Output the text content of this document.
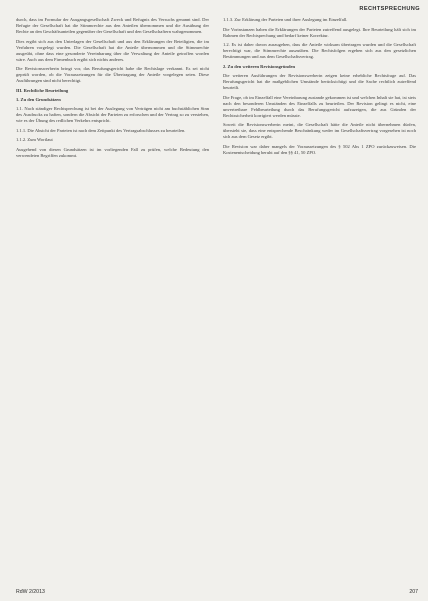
RECHTSPRECHUNG

durch, dass im Formular der Ausgangsgesellschaft Zweck und Befugnis des Versuchs genannt sind. Der Befugte der Gesellschaft hat die Stimmrechte aus den Anteilen übernommen und die Ausübung der Rechte an den Geschäftsanteilen gegenüber der Gesellschaft und den Gesellschaftern wahrgenommen.

Dies ergibt sich aus den Unterlagen der Gesellschaft und aus den Erklärungen der Beteiligten, die im Verfahren vorgelegt wurden. Die Gesellschaft hat die Anteile übernommen und die Stimmrechte ausgeübt, ohne dass eine gesonderte Vereinbarung über die Verwaltung der Anteile getroffen worden wäre. Auch aus dem Firmenbuch ergibt sich nichts anderes.

Die Revisionswerberin bringt vor, das Berufungsgericht habe die Rechtslage verkannt. Es sei nicht geprüft worden, ob die Voraussetzungen für die Übertragung der Anteile vorgelegen seien. Diese Ausführungen sind nicht berechtigt.

III. Rechtliche Beurteilung

1. Zu den Grundsätzen

1.1. Nach ständiger Rechtsprechung ist bei der Auslegung von Verträgen nicht am buchstäblichen Sinn des Ausdrucks zu haften, sondern die Absicht der Parteien zu erforschen und der Vertrag so zu verstehen, wie es der Übung des redlichen Verkehrs entspricht.

1.1.1. Die Absicht der Parteien ist nach dem Zeitpunkt des Vertragsabschlusses zu beurteilen.

1.1.2. Zum Wortlaut

Ausgehend von diesen Grundsätzen ist im vorliegenden Fall zu prüfen, welche Bedeutung den verwendeten Begriffen zukommt.

1.1.3. Zur Erklärung der Parteien und ihrer Auslegung im Einzelfall.

Die Vorinstanzen haben die Erklärungen der Parteien zutreffend ausgelegt. Ihre Beurteilung hält sich im Rahmen der Rechtsprechung und bedarf keiner Korrektur.

1.2. Es ist daher davon auszugehen, dass die Anteile wirksam übertragen wurden und die Gesellschaft berechtigt war, die Stimmrechte auszuüben. Die Rechtsfolgen ergeben sich aus den gesetzlichen Bestimmungen und aus dem Gesellschaftsvertrag.

2. Zu den weiteren Revisionsgründen

Die weiteren Ausführungen der Revisionswerberin zeigen keine erhebliche Rechtsfrage auf. Das Berufungsgericht hat die maßgeblichen Umstände berücksichtigt und die Sache rechtlich zutreffend beurteilt.

Die Frage, ob im Einzelfall eine Vereinbarung zustande gekommen ist und welchen Inhalt sie hat, ist stets nach den besonderen Umständen des Einzelfalls zu beurteilen. Der Revision gelingt es nicht, eine unvertretbare Fehlbeurteilung durch das Berufungsgericht aufzuzeigen, die aus Gründen der Rechtssicherheit korrigiert werden müsste.

Soweit die Revisionswerberin meint, die Gesellschaft hätte die Anteile nicht übernehmen dürfen, übersieht sie, dass eine entsprechende Beschränkung weder im Gesellschaftsvertrag vorgesehen ist noch sich aus dem Gesetz ergibt.

Die Revision war daher mangels der Voraussetzungen des § 502 Abs 1 ZPO zurückzuweisen. Die Kostenentscheidung beruht auf den §§ 41, 50 ZPO.

RdW 2/2013	207
